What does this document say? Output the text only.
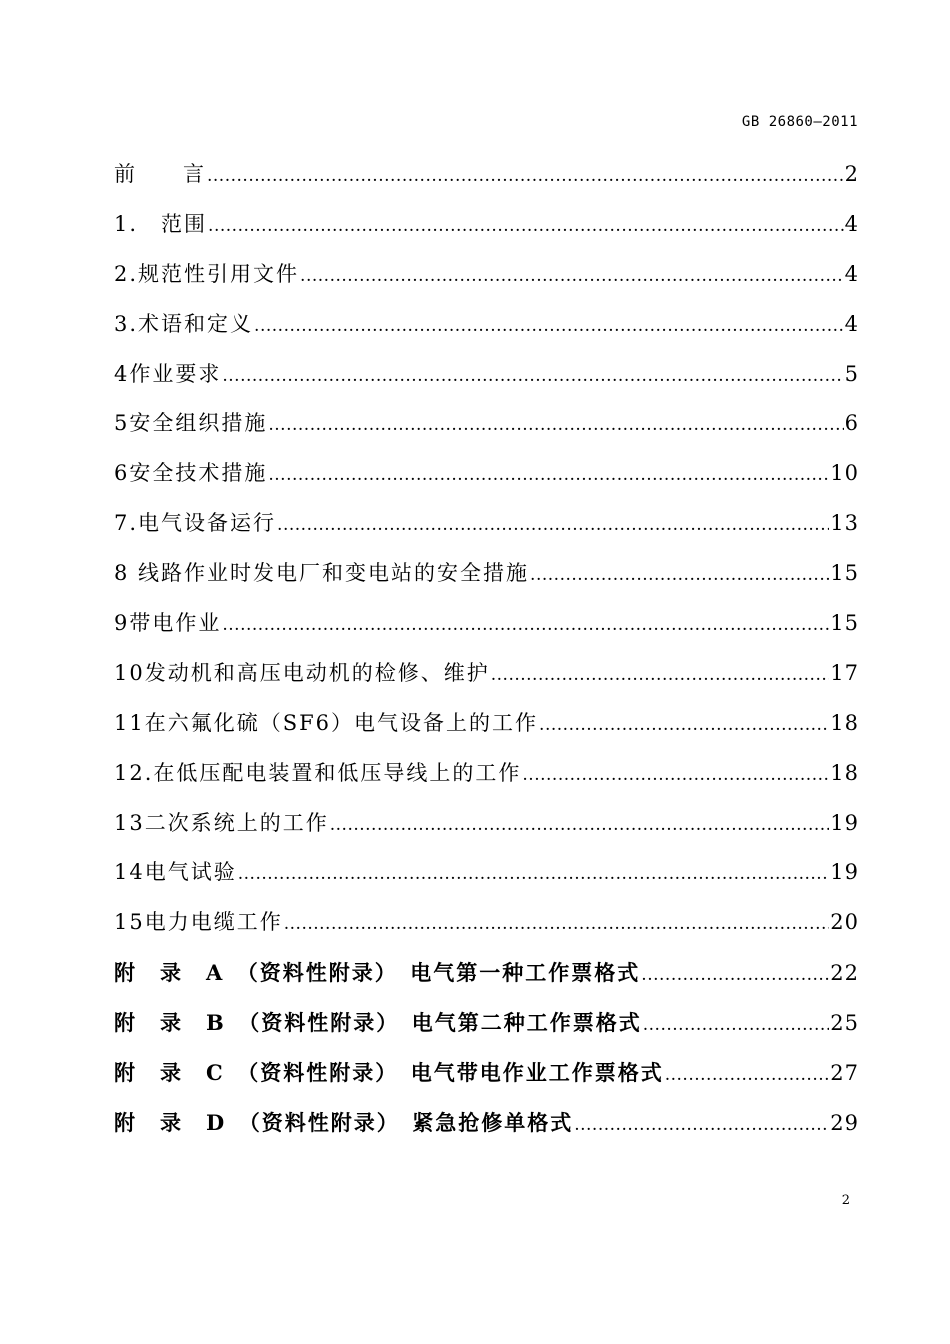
GB 26860—2011
前　　言 .....	2
1.　范围 .....	4
2.规范性引用文件 .....	4
3.术语和定义 .....	4
4作业要求 .....	5
5安全组织措施 .....	6
6安全技术措施 .....	10
7.电气设备运行 .....	13
8 线路作业时发电厂和变电站的安全措施 .....	15
9带电作业 .....	15
10发动机和高压电动机的检修、维护 .....	17
11在六氟化硫（SF6）电气设备上的工作 .....	18
12.在低压配电装置和低压导线上的工作 .....	18
13二次系统上的工作 .....	19
14电气试验 .....	19
15电力电缆工作 .....	20
附　录　A　（资料性附录）　电气第一种工作票格式 .....	22
附　录　B　（资料性附录）　电气第二种工作票格式 .....	25
附　录　C　（资料性附录）　电气带电作业工作票格式 .....	27
附　录　D　（资料性附录）　紧急抢修单格式 .....	29
2
